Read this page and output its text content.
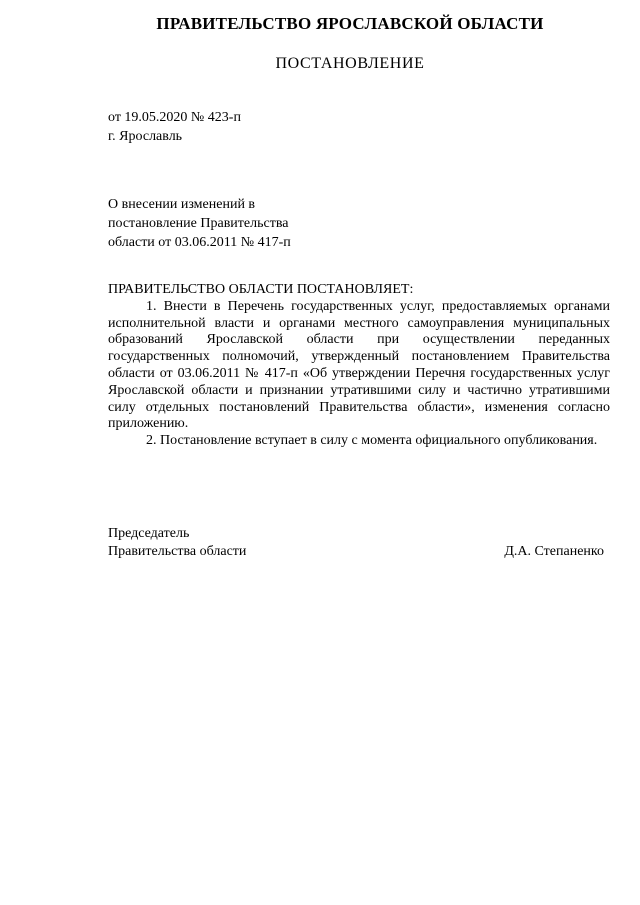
ПРАВИТЕЛЬСТВО ЯРОСЛАВСКОЙ ОБЛАСТИ
ПОСТАНОВЛЕНИЕ
от 19.05.2020 № 423-п
г. Ярославль
О внесении изменений в
постановление Правительства
области от 03.06.2011 № 417-п

ПРАВИТЕЛЬСТВО ОБЛАСТИ ПОСТАНОВЛЯЕТ:

1. Внести в Перечень государственных услуг, предоставляемых органами исполнительной власти и органами местного самоуправления муниципальных образований Ярославской области при осуществлении переданных государственных полномочий, утвержденный постановлением Правительства области от 03.06.2011 № 417-п «Об утверждении Перечня государственных услуг Ярославской области и признании утратившими силу и частично утратившими силу отдельных постановлений Правительства области», изменения согласно приложению.

2. Постановление вступает в силу с момента официального опубликования.

Председатель
Правительства области	Д.А. Степаненко
